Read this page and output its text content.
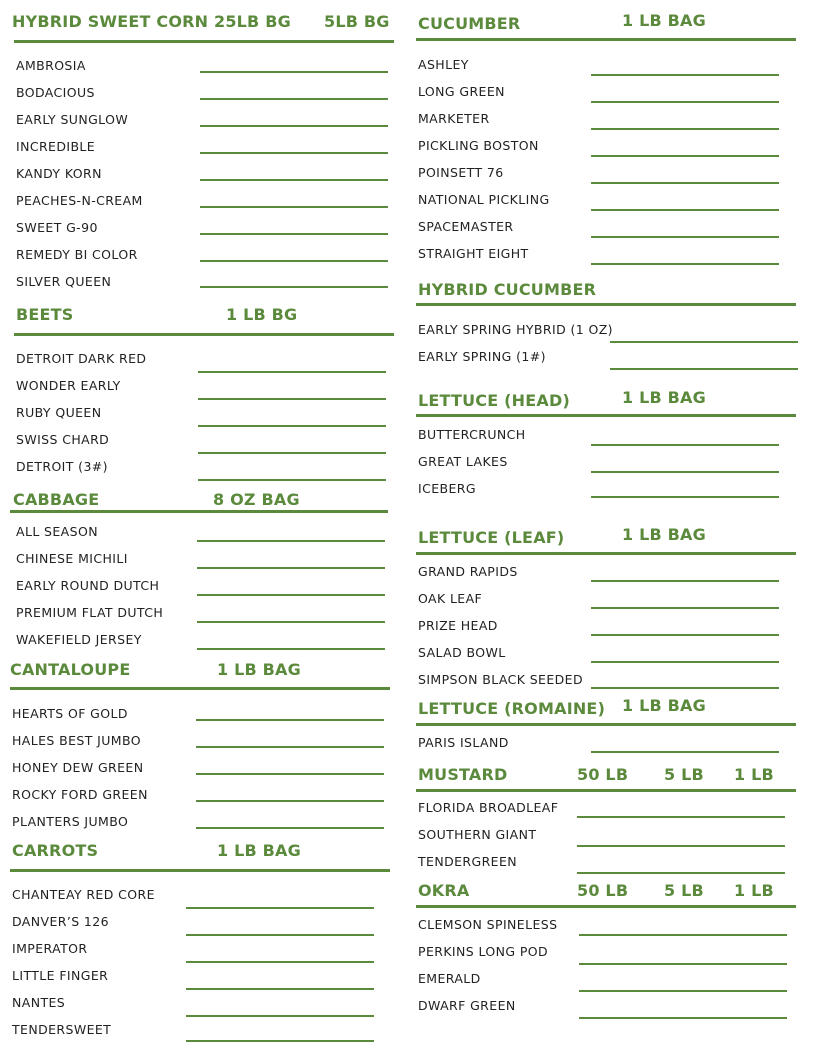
HYBRID SWEET CORN 25LB BG 5LB BG
AMBROSIA
BODACIOUS
EARLY SUNGLOW
INCREDIBLE
KANDY KORN
PEACHES-N-CREAM
SWEET G-90
REMEDY BI COLOR
SILVER QUEEN
BEETS	1 LB BG
DETROIT DARK RED
WONDER EARLY
RUBY QUEEN
SWISS CHARD
DETROIT (3#)
CABBAGE	8 OZ BAG
ALL SEASON
CHINESE MICHILI
EARLY ROUND DUTCH
PREMIUM FLAT DUTCH
WAKEFIELD JERSEY
CANTALOUPE	1 LB BAG
HEARTS OF GOLD
HALES BEST JUMBO
HONEY DEW GREEN
ROCKY FORD GREEN
PLANTERS JUMBO
CARROTS	1 LB BAG
CHANTEAY RED CORE
DANVER’S 126
IMPERATOR
LITTLE FINGER
NANTES
TENDERSWEET
CUCUMBER	1 LB BAG
ASHLEY
LONG GREEN
MARKETER
PICKLING BOSTON
POINSETT 76
NATIONAL PICKLING
SPACEMASTER
STRAIGHT EIGHT
HYBRID CUCUMBER
EARLY SPRING HYBRID (1 OZ)
EARLY SPRING (1#)
LETTUCE (HEAD)	1 LB BAG
BUTTERCRUNCH
GREAT LAKES
ICEBERG
LETTUCE (LEAF)	1 LB BAG
GRAND RAPIDS
OAK LEAF
PRIZE HEAD
SALAD BOWL
SIMPSON BLACK SEEDED
LETTUCE (ROMAINE) 1 LB BAG
PARIS ISLAND
MUSTARD	50 LB 5 LB 1 LB
FLORIDA BROADLEAF
SOUTHERN GIANT
TENDERGREEN
OKRA	50 LB 5 LB 1 LB
CLEMSON SPINELESS
PERKINS LONG POD
EMERALD
DWARF GREEN
